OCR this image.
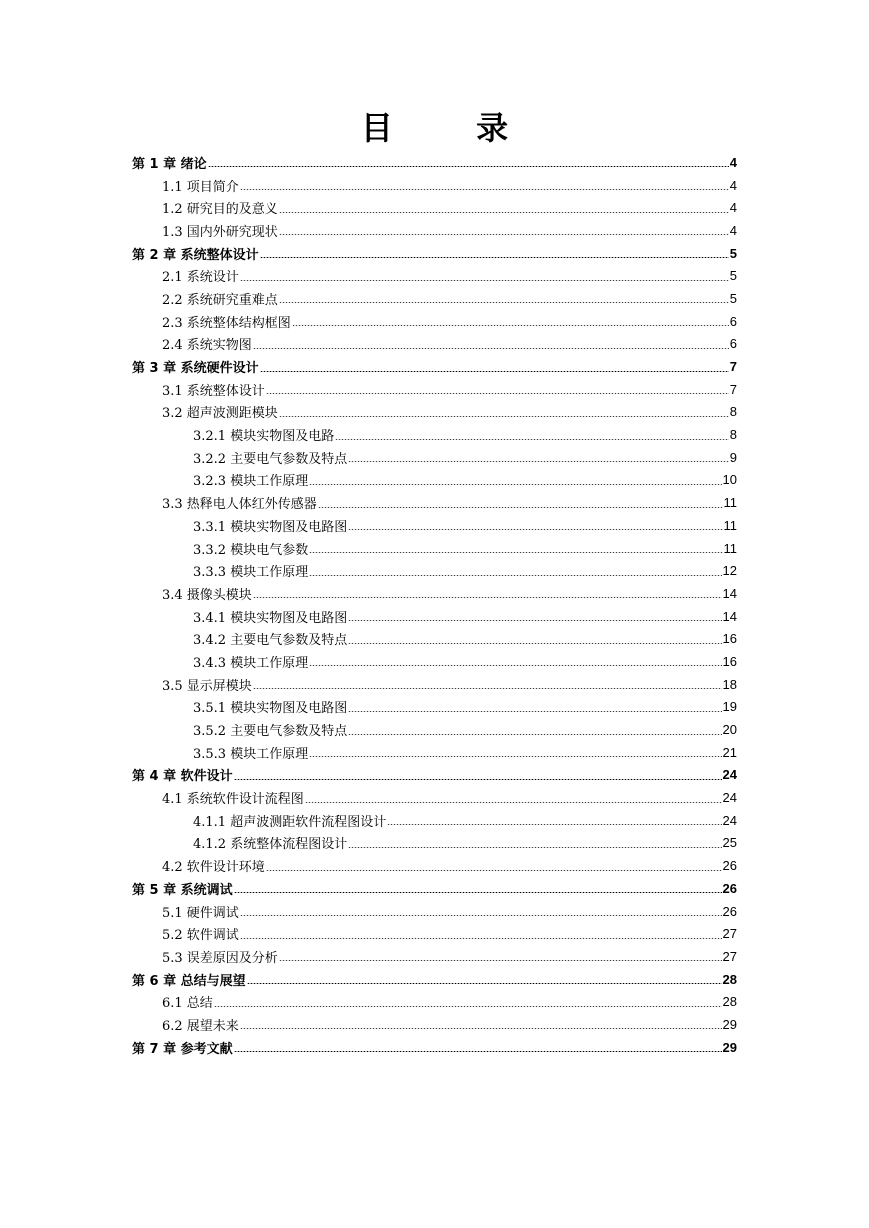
目 录
第 1 章 绪论	4
1.1 项目简介	4
1.2 研究目的及意义	4
1.3 国内外研究现状	4
第 2 章 系统整体设计	5
2.1 系统设计	5
2.2 系统研究重难点	5
2.3 系统整体结构框图	6
2.4 系统实物图	6
第 3 章 系统硬件设计	7
3.1 系统整体设计	7
3.2 超声波测距模块	8
3.2.1 模块实物图及电路	8
3.2.2 主要电气参数及特点	9
3.2.3 模块工作原理	10
3.3 热释电人体红外传感器	11
3.3.1 模块实物图及电路图	11
3.3.2 模块电气参数	11
3.3.3 模块工作原理	12
3.4 摄像头模块	14
3.4.1 模块实物图及电路图	14
3.4.2 主要电气参数及特点	16
3.4.3 模块工作原理	16
3.5 显示屏模块	18
3.5.1 模块实物图及电路图	19
3.5.2 主要电气参数及特点	20
3.5.3 模块工作原理	21
第 4 章 软件设计	24
4.1 系统软件设计流程图	24
4.1.1 超声波测距软件流程图设计	24
4.1.2 系统整体流程图设计	25
4.2 软件设计环境	26
第 5 章 系统调试	26
5.1 硬件调试	26
5.2 软件调试	27
5.3 误差原因及分析	27
第 6 章 总结与展望	28
6.1 总结	28
6.2 展望未来	29
第 7 章 参考文献	29
